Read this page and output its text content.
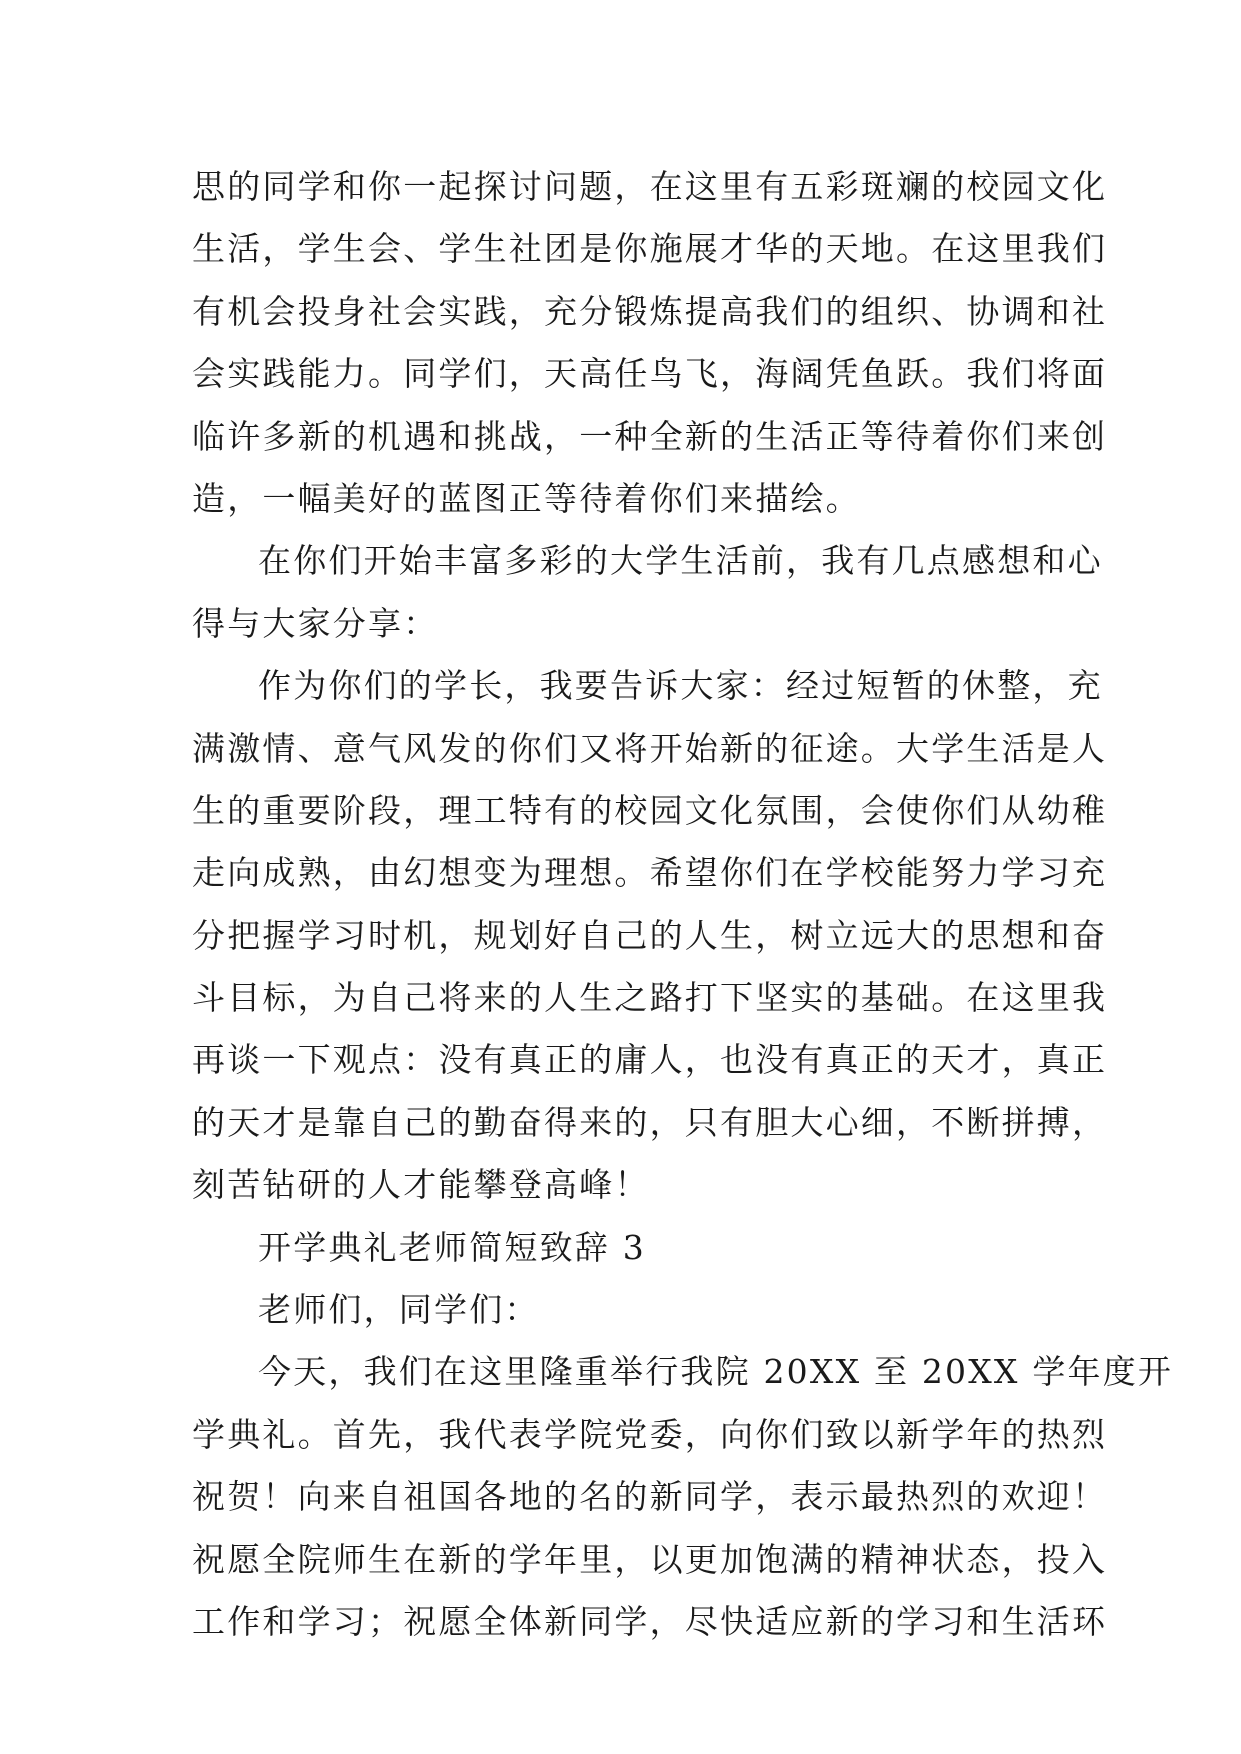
思的同学和你一起探讨问题，在这里有五彩斑斓的校园文化
生活，学生会、学生社团是你施展才华的天地。在这里我们
有机会投身社会实践，充分锻炼提高我们的组织、协调和社
会实践能力。同学们，天高任鸟飞，海阔凭鱼跃。我们将面
临许多新的机遇和挑战，一种全新的生活正等待着你们来创
造，一幅美好的蓝图正等待着你们来描绘。
在你们开始丰富多彩的大学生活前，我有几点感想和心
得与大家分享：
作为你们的学长，我要告诉大家：经过短暂的休整，充
满激情、意气风发的你们又将开始新的征途。大学生活是人
生的重要阶段，理工特有的校园文化氛围，会使你们从幼稚
走向成熟，由幻想变为理想。希望你们在学校能努力学习充
分把握学习时机，规划好自己的人生，树立远大的思想和奋
斗目标，为自己将来的人生之路打下坚实的基础。在这里我
再谈一下观点：没有真正的庸人，也没有真正的天才，真正
的天才是靠自己的勤奋得来的，只有胆大心细，不断拼搏，
刻苦钻研的人才能攀登高峰！
开学典礼老师简短致辞 3
老师们，同学们：
今天，我们在这里隆重举行我院 20XX 至 20XX 学年度开
学典礼。首先，我代表学院党委，向你们致以新学年的热烈
祝贺！向来自祖国各地的名的新同学，表示最热烈的欢迎！
祝愿全院师生在新的学年里，以更加饱满的精神状态，投入
工作和学习；祝愿全体新同学，尽快适应新的学习和生活环
